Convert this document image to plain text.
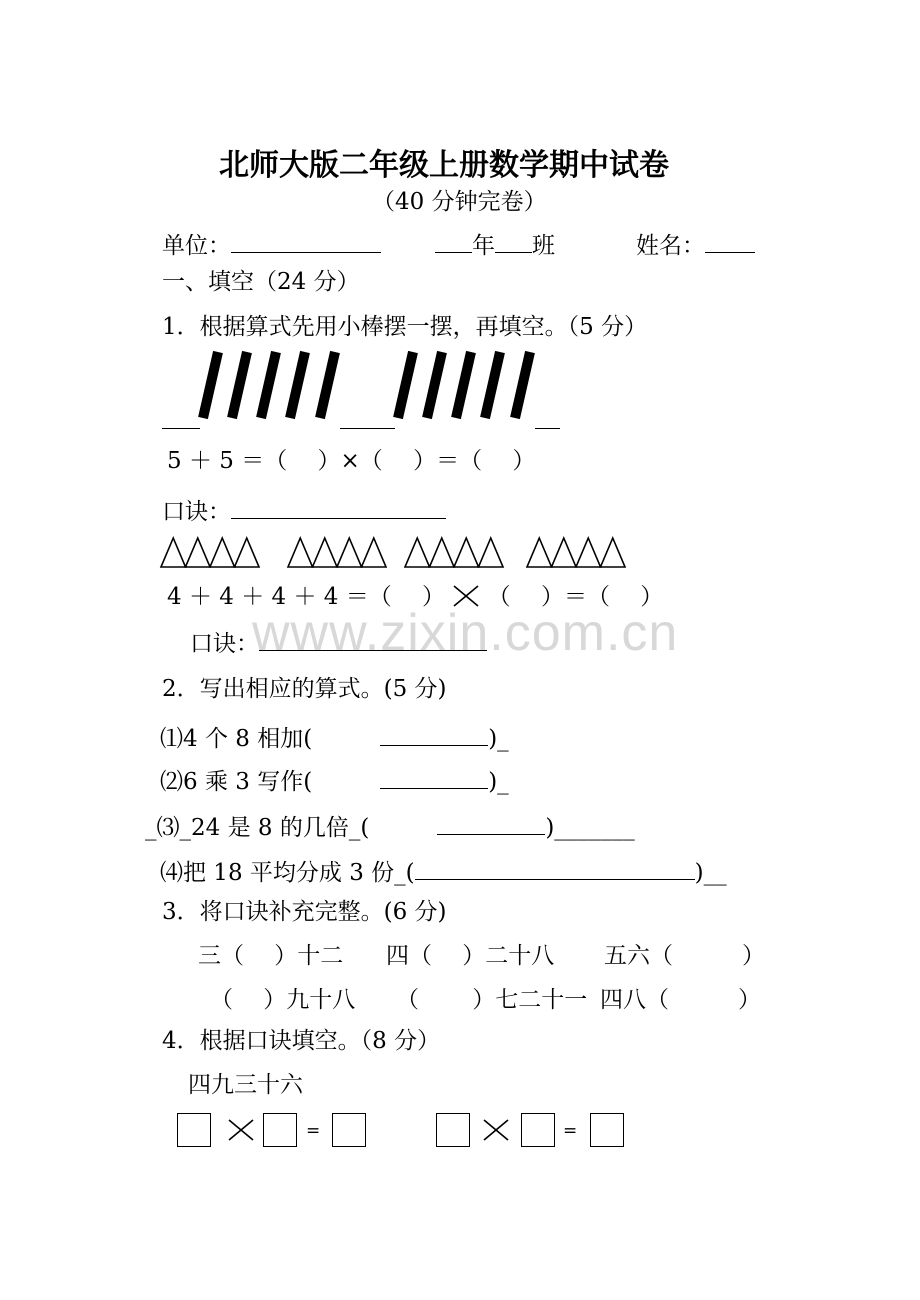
北师大版二年级上册数学期中试卷
（40 分钟完卷）
单位：	年 班	姓名：
一、填空（24 分）
1．根据算式先用小棒摆一摆，再填空。（5 分）
5 ＋ 5 ＝（　 ）×（　 ）＝（　 ）
口诀：
4 ＋ 4 ＋ 4 ＋ 4 ＝（　 ） （　 ）＝（　 ）
口诀：
www.zixin.com.cn
2．写出相应的算式。(5 分)
⑴4 个 8 相加(	)_
⑵6 乘 3 写作(	)_
_⑶_24 是 8 的几倍_(	)_______
⑷把 18 平均分成 3 份_(	)__
3．将口诀补充完整。(6 分)
三（　 ）十二 四（　 ）二十八 五六（　　　）
（　 ）九十八 （　　 ）七二十一 四八（　　　）
4．根据口诀填空。（8 分）
四九三十六
=	=
